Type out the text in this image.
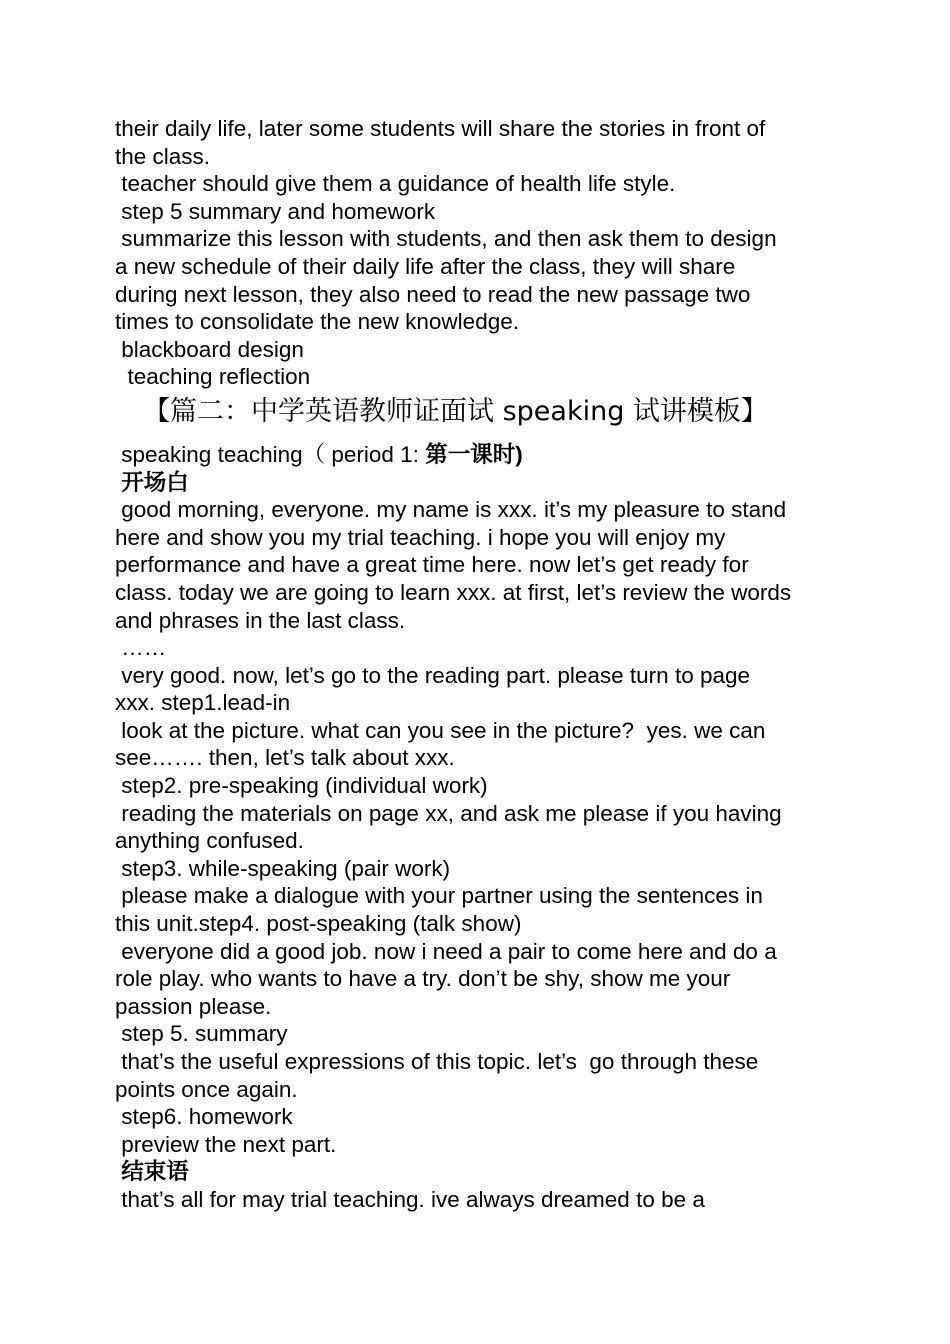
their daily life, later some students will share the stories in front of
the class.
teacher should give them a guidance of health life style.
step 5 summary and homework
summarize this lesson with students, and then ask them to design
a new schedule of their daily life after the class, they will share
during next lesson, they also need to read the new passage two
times to consolidate the new knowledge.
blackboard design
teaching reflection
【篇二：中学英语教师证面试 speaking 试讲模板】
speaking teaching（ period 1: 第一课时)
开场白
good morning, everyone. my name is xxx. it’s my pleasure to stand
here and show you my trial teaching. i hope you will enjoy my
performance and have a great time here. now let’s get ready for
class. today we are going to learn xxx. at first, let’s review the words
and phrases in the last class.
……
very good. now, let’s go to the reading part. please turn to page
xxx. step1.lead-in
look at the picture. what can you see in the picture?  yes. we can
see……. then, let’s talk about xxx.
step2. pre-speaking (individual work)
reading the materials on page xx, and ask me please if you having
anything confused.
step3. while-speaking (pair work)
please make a dialogue with your partner using the sentences in
this unit.step4. post-speaking (talk show)
everyone did a good job. now i need a pair to come here and do a
role play. who wants to have a try. don’t be shy, show me your
passion please.
step 5. summary
that’s the useful expressions of this topic. let’s  go through these
points once again.
step6. homework
preview the next part.
结束语
that’s all for may trial teaching. ive always dreamed to be a
